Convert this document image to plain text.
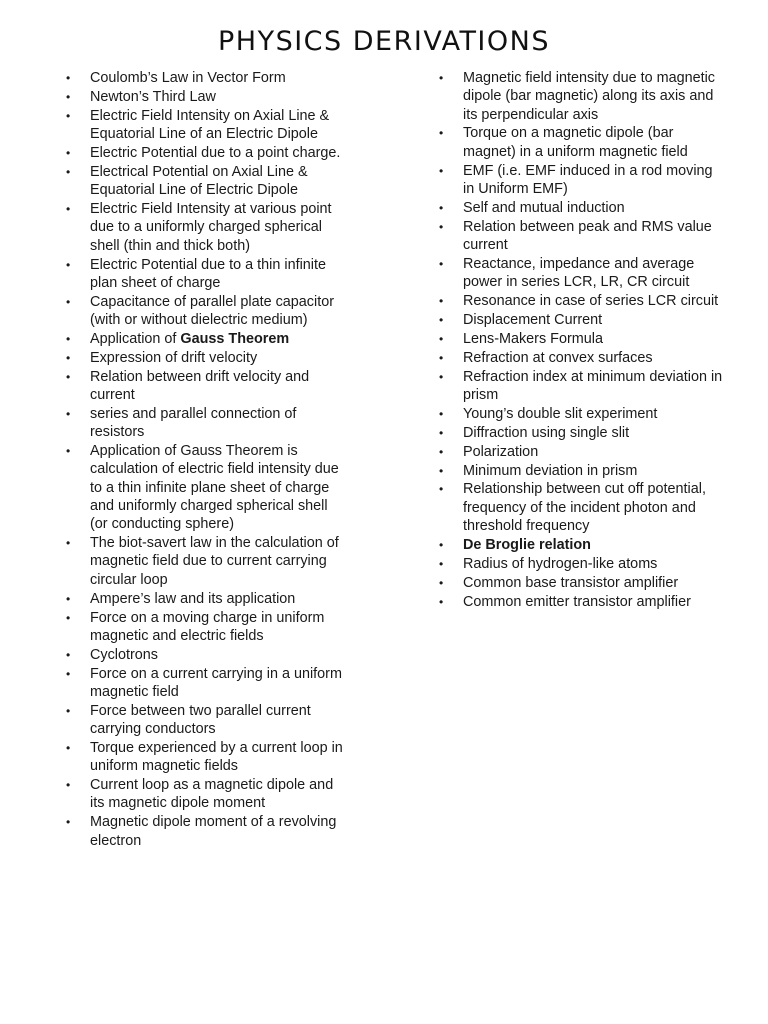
PHYSICS DERIVATIONS
• Coulomb’s Law in Vector Form
• Newton’s Third Law
• Electric Field Intensity on Axial Line & Equatorial Line of an Electric Dipole
• Electric Potential due to a point charge.
• Electrical Potential on Axial Line & Equatorial Line of Electric Dipole
• Electric Field Intensity at various point due to a uniformly charged spherical shell (thin and thick both)
• Electric Potential due to a thin infinite plan sheet of charge
• Capacitance of parallel plate capacitor (with or without dielectric medium)
• Application of Gauss Theorem
• Expression of drift velocity
• Relation between drift velocity and current
• series and parallel connection of resistors
• Application of Gauss Theorem is calculation of electric field intensity due to a thin infinite plane sheet of charge and uniformly charged spherical shell (or conducting sphere)
• The biot-savert law in the calculation of magnetic field due to current carrying circular loop
• Ampere’s law and its application
• Force on a moving charge in uniform magnetic and electric fields
• Cyclotrons
• Force on a current carrying in a uniform magnetic field
• Force between two parallel current carrying conductors
• Torque experienced by a current loop in uniform magnetic fields
• Current loop as a magnetic dipole and its magnetic dipole moment
• Magnetic dipole moment of a revolving electron
• Magnetic field intensity due to magnetic dipole (bar magnetic) along its axis and its perpendicular axis
• Torque on a magnetic dipole (bar magnet) in a uniform magnetic field
• EMF (i.e. EMF induced in a rod moving in Uniform EMF)
• Self and mutual induction
• Relation between peak and RMS value current
• Reactance, impedance and average power in series LCR, LR, CR circuit
• Resonance in case of series LCR circuit
• Displacement Current
• Lens-Makers Formula
• Refraction at convex surfaces
• Refraction index at minimum deviation in prism
• Young’s double slit experiment
• Diffraction using single slit
• Polarization
• Minimum deviation in prism
• Relationship between cut off potential, frequency of the incident photon and threshold frequency
• De Broglie relation
• Radius of hydrogen-like atoms
• Common base transistor amplifier
• Common emitter transistor amplifier
